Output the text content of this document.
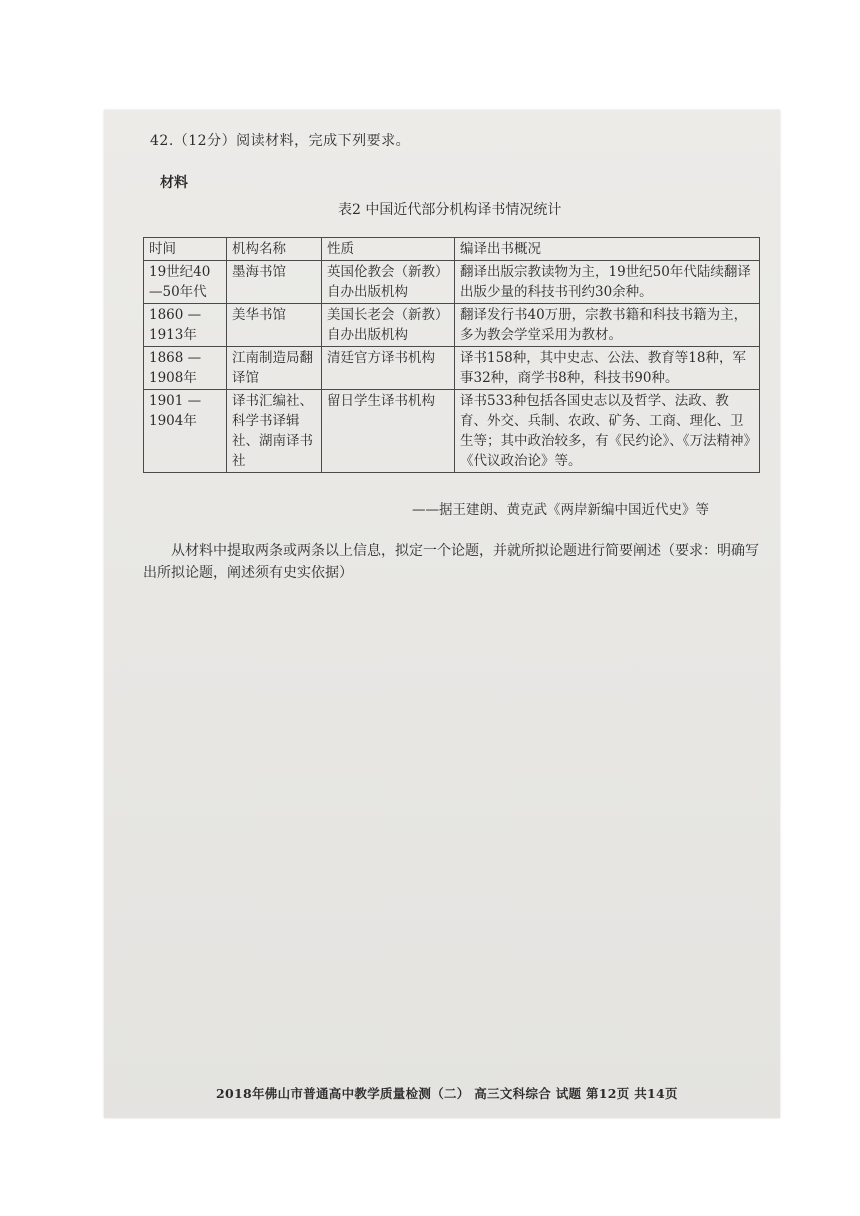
42.（12分）阅读材料，完成下列要求。
材料
表2 中国近代部分机构译书情况统计
时间	机构名称	性质	编译出书概况
19世纪40—50年代	墨海书馆	英国伦教会（新教）自办出版机构	翻译出版宗教读物为主，19世纪50年代陆续翻译出版少量的科技书刊约30余种。
1860 — 1913年	美华书馆	美国长老会（新教）自办出版机构	翻译发行书40万册，宗教书籍和科技书籍为主，多为教会学堂采用为教材。
1868 — 1908年	江南制造局翻译馆	清廷官方译书机构	译书158种，其中史志、公法、教育等18种，军事32种，商学书8种，科技书90种。
1901 — 1904年	译书汇编社、科学书译辑社、湖南译书社	留日学生译书机构	译书533种包括各国史志以及哲学、法政、教育、外交、兵制、农政、矿务、工商、理化、卫生等；其中政治较多，有《民约论》、《万法精神》《代议政治论》等。
——据王建朗、黄克武《两岸新编中国近代史》等
从材料中提取两条或两条以上信息，拟定一个论题，并就所拟论题进行简要阐述（要求：明确写出所拟论题，阐述须有史实依据）
2018年佛山市普通高中教学质量检测（二） 高三文科综合 试题 第12页 共14页
